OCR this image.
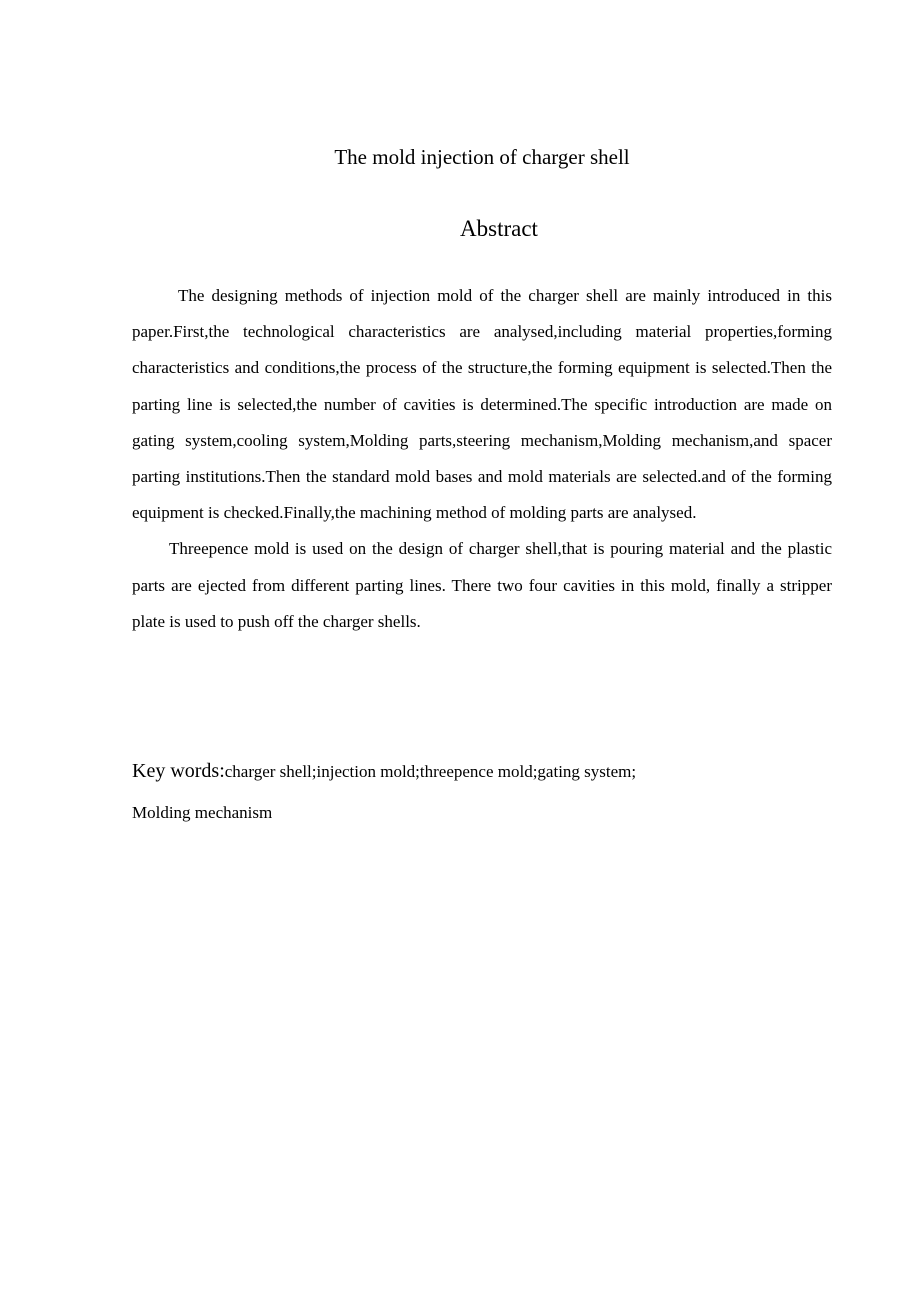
The mold injection of charger shell
Abstract

The designing methods of injection mold of the charger shell are mainly introduced in this paper.First,the technological characteristics are analysed,including material properties,forming characteristics and conditions,the process of the structure,the forming equipment is selected.Then the parting line is selected,the number of cavities is determined.The specific introduction are made on gating system,cooling system,Molding parts,steering mechanism,Molding mechanism,and spacer parting institutions.Then the standard mold bases and mold materials are selected.and of the forming equipment is checked.Finally,the machining method of molding parts are analysed.

Threepence mold is used on the design of charger shell,that is pouring material and the plastic parts are ejected from different parting lines. There two four cavities in this mold, finally a stripper plate is used to push off the charger shells.

Key words:charger shell;injection mold;threepence mold;gating system;
Molding mechanism
